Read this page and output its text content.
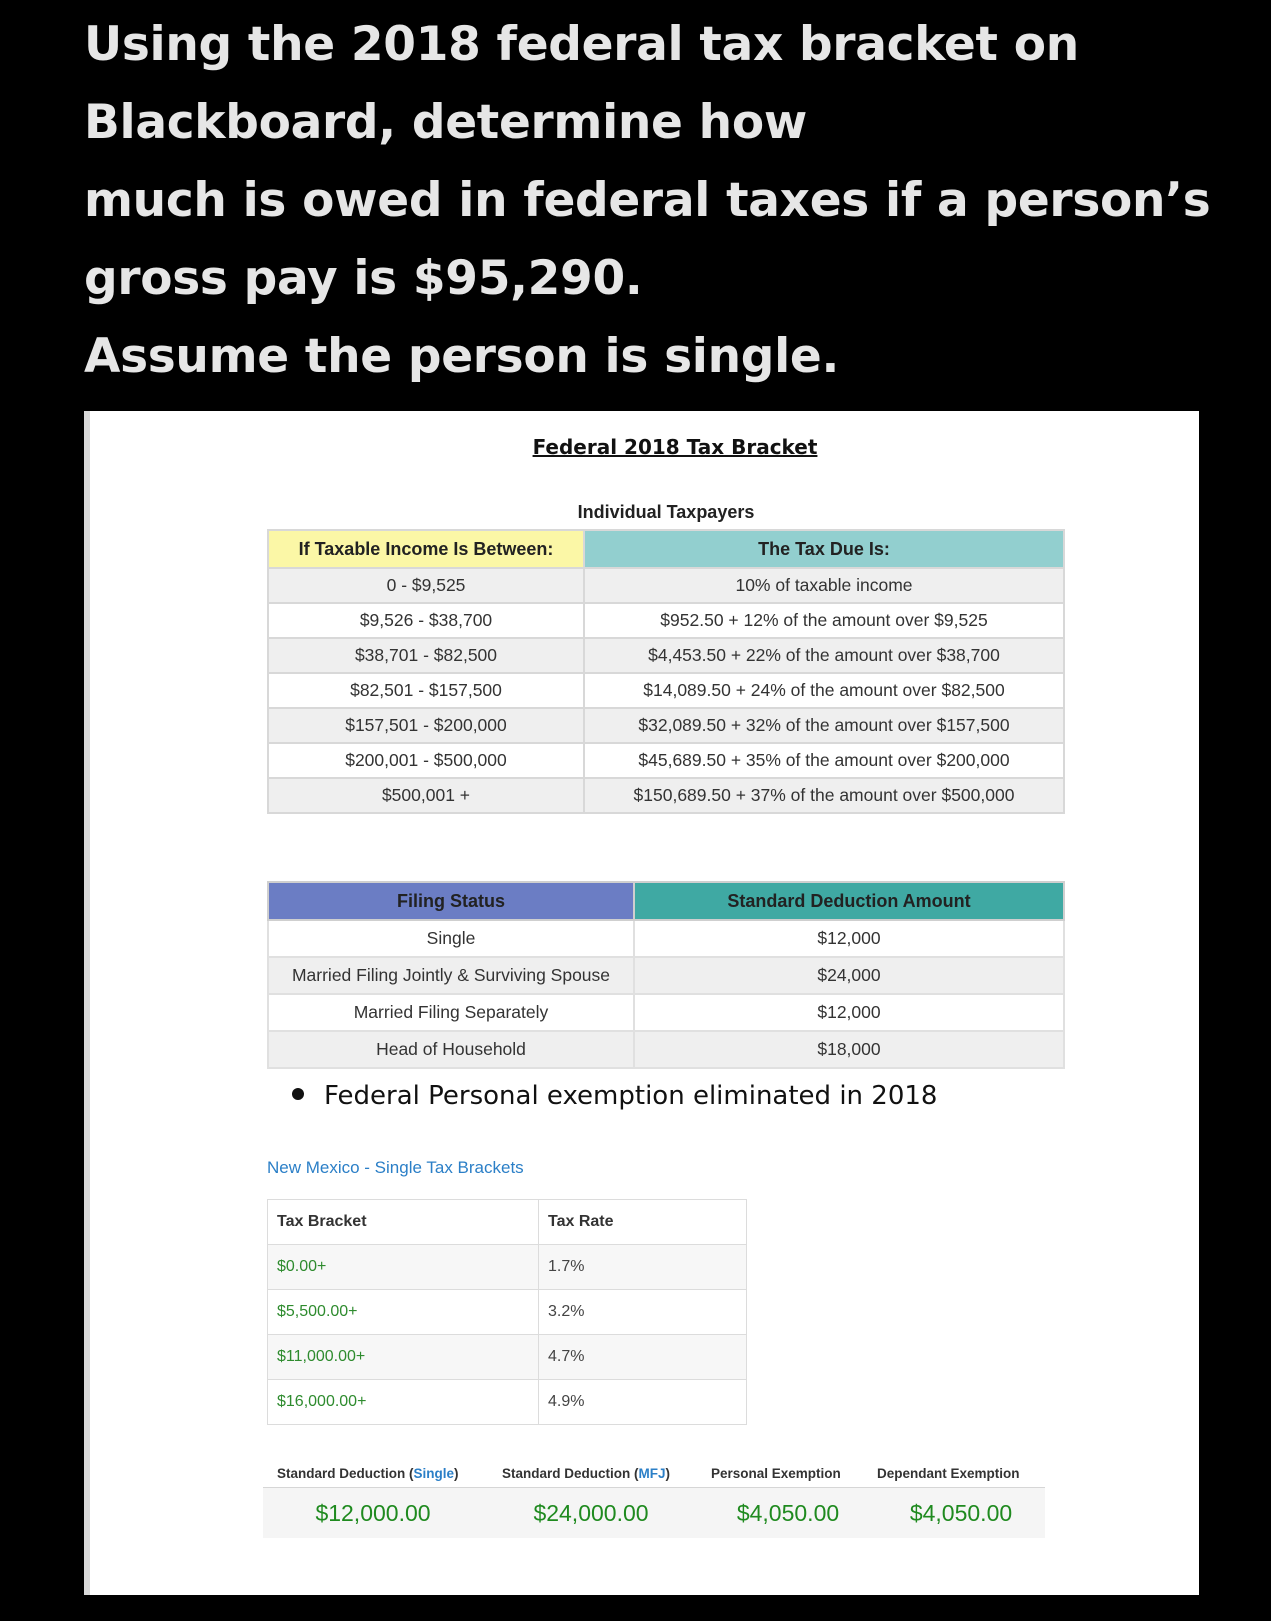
Using the 2018 federal tax bracket on
Blackboard, determine how
much is owed in federal taxes if a person’s
gross pay is $95,290.
Assume the person is single.
Federal 2018 Tax Bracket
Individual Taxpayers
If Taxable Income Is Between:	The Tax Due Is:
0 - $9,525	10% of taxable income
$9,526 - $38,700	$952.50 + 12% of the amount over $9,525
$38,701 - $82,500	$4,453.50 + 22% of the amount over $38,700
$82,501 - $157,500	$14,089.50 + 24% of the amount over $82,500
$157,501 - $200,000	$32,089.50 + 32% of the amount over $157,500
$200,001 - $500,000	$45,689.50 + 35% of the amount over $200,000
$500,001 +	$150,689.50 + 37% of the amount over $500,000
Filing Status	Standard Deduction Amount
Single	$12,000
Married Filing Jointly & Surviving Spouse	$24,000
Married Filing Separately	$12,000
Head of Household	$18,000
Federal Personal exemption eliminated in 2018
New Mexico - Single Tax Brackets
Tax Bracket	Tax Rate
$0.00+	1.7%
$5,500.00+	3.2%
$11,000.00+	4.7%
$16,000.00+	4.9%
Standard Deduction (Single)	Standard Deduction (MFJ)	Personal Exemption	Dependant Exemption
$12,000.00	$24,000.00	$4,050.00	$4,050.00
